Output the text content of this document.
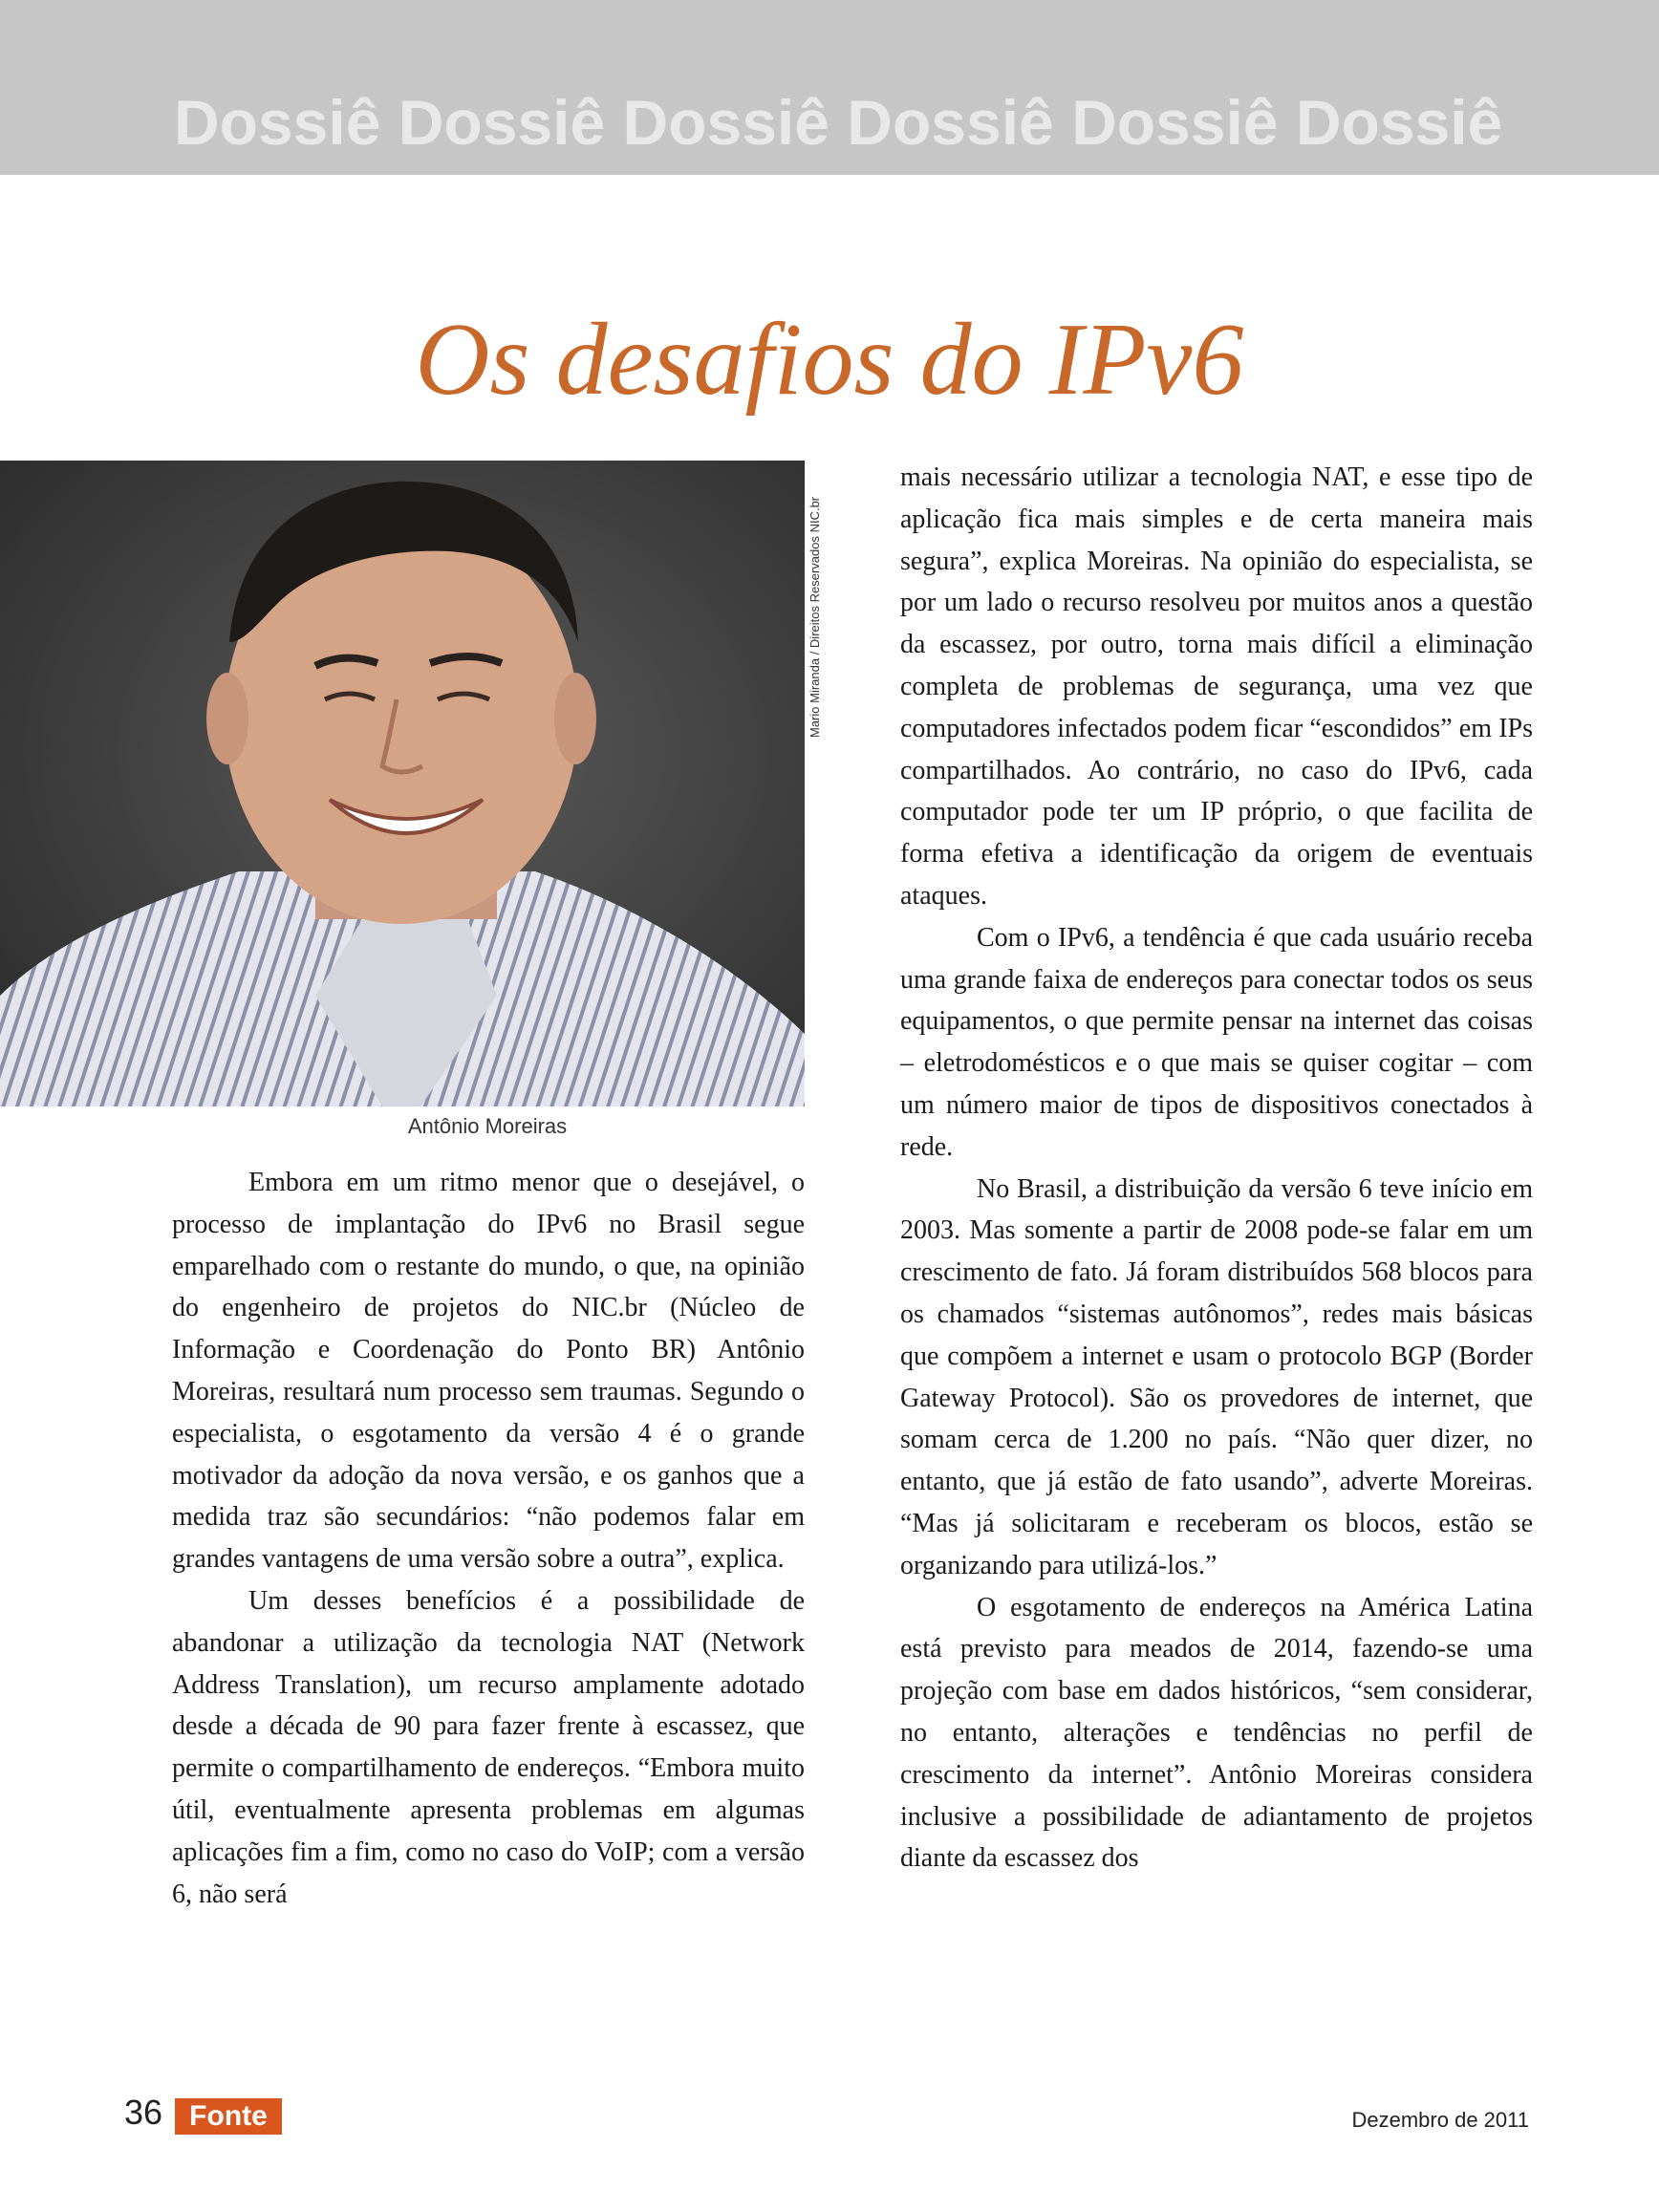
Dossiê Dossiê Dossiê Dossiê Dossiê Dossiê
Os desafios do IPv6
Mario Miranda / Direitos Reservados NIC.br
Antônio Moreiras

Embora em um ritmo menor que o desejável, o processo de implantação do IPv6 no Brasil segue emparelhado com o restante do mundo, o que, na opinião do engenheiro de projetos do NIC.br (Núcleo de Informação e Coordenação do Ponto BR) Antônio Moreiras, resultará num processo sem traumas. Segundo o especialista, o esgotamento da versão 4 é o grande motivador da adoção da nova versão, e os ganhos que a medida traz são secundários: “não podemos falar em grandes vantagens de uma versão sobre a outra”, explica.

Um desses benefícios é a possibilidade de abandonar a utilização da tecnologia NAT (Network Address Translation), um recurso amplamente adotado desde a década de 90 para fazer frente à escassez, que permite o compartilhamento de endereços. “Embora muito útil, eventualmente apresenta problemas em algumas aplicações fim a fim, como no caso do VoIP; com a versão 6, não será

mais necessário utilizar a tecnologia NAT, e esse tipo de aplicação fica mais simples e de certa maneira mais segura”, explica Moreiras. Na opinião do especialista, se por um lado o recurso resolveu por muitos anos a questão da escassez, por outro, torna mais difícil a eliminação completa de problemas de segurança, uma vez que computadores infectados podem ficar “escondidos” em IPs compartilhados. Ao contrário, no caso do IPv6, cada computador pode ter um IP próprio, o que facilita de forma efetiva a identificação da origem de eventuais ataques.

Com o IPv6, a tendência é que cada usuário receba uma grande faixa de endereços para conectar todos os seus equipamentos, o que permite pensar na internet das coisas – eletrodomésticos e o que mais se quiser cogitar – com um número maior de tipos de dispositivos conectados à rede.

No Brasil, a distribuição da versão 6 teve início em 2003. Mas somente a partir de 2008 pode-se falar em um crescimento de fato. Já foram distribuídos 568 blocos para os chamados “sistemas autônomos”, redes mais básicas que compõem a internet e usam o protocolo BGP (Border Gateway Protocol). São os provedores de internet, que somam cerca de 1.200 no país. “Não quer dizer, no entanto, que já estão de fato usando”, adverte Moreiras. “Mas já solicitaram e receberam os blocos, estão se organizando para utilizá-los.”

O esgotamento de endereços na América Latina está previsto para meados de 2014, fazendo-se uma projeção com base em dados históricos, “sem considerar, no entanto, alterações e tendências no perfil de crescimento da internet”. Antônio Moreiras considera inclusive a possibilidade de adiantamento de projetos diante da escassez dos

36 Fonte	Dezembro de 2011
